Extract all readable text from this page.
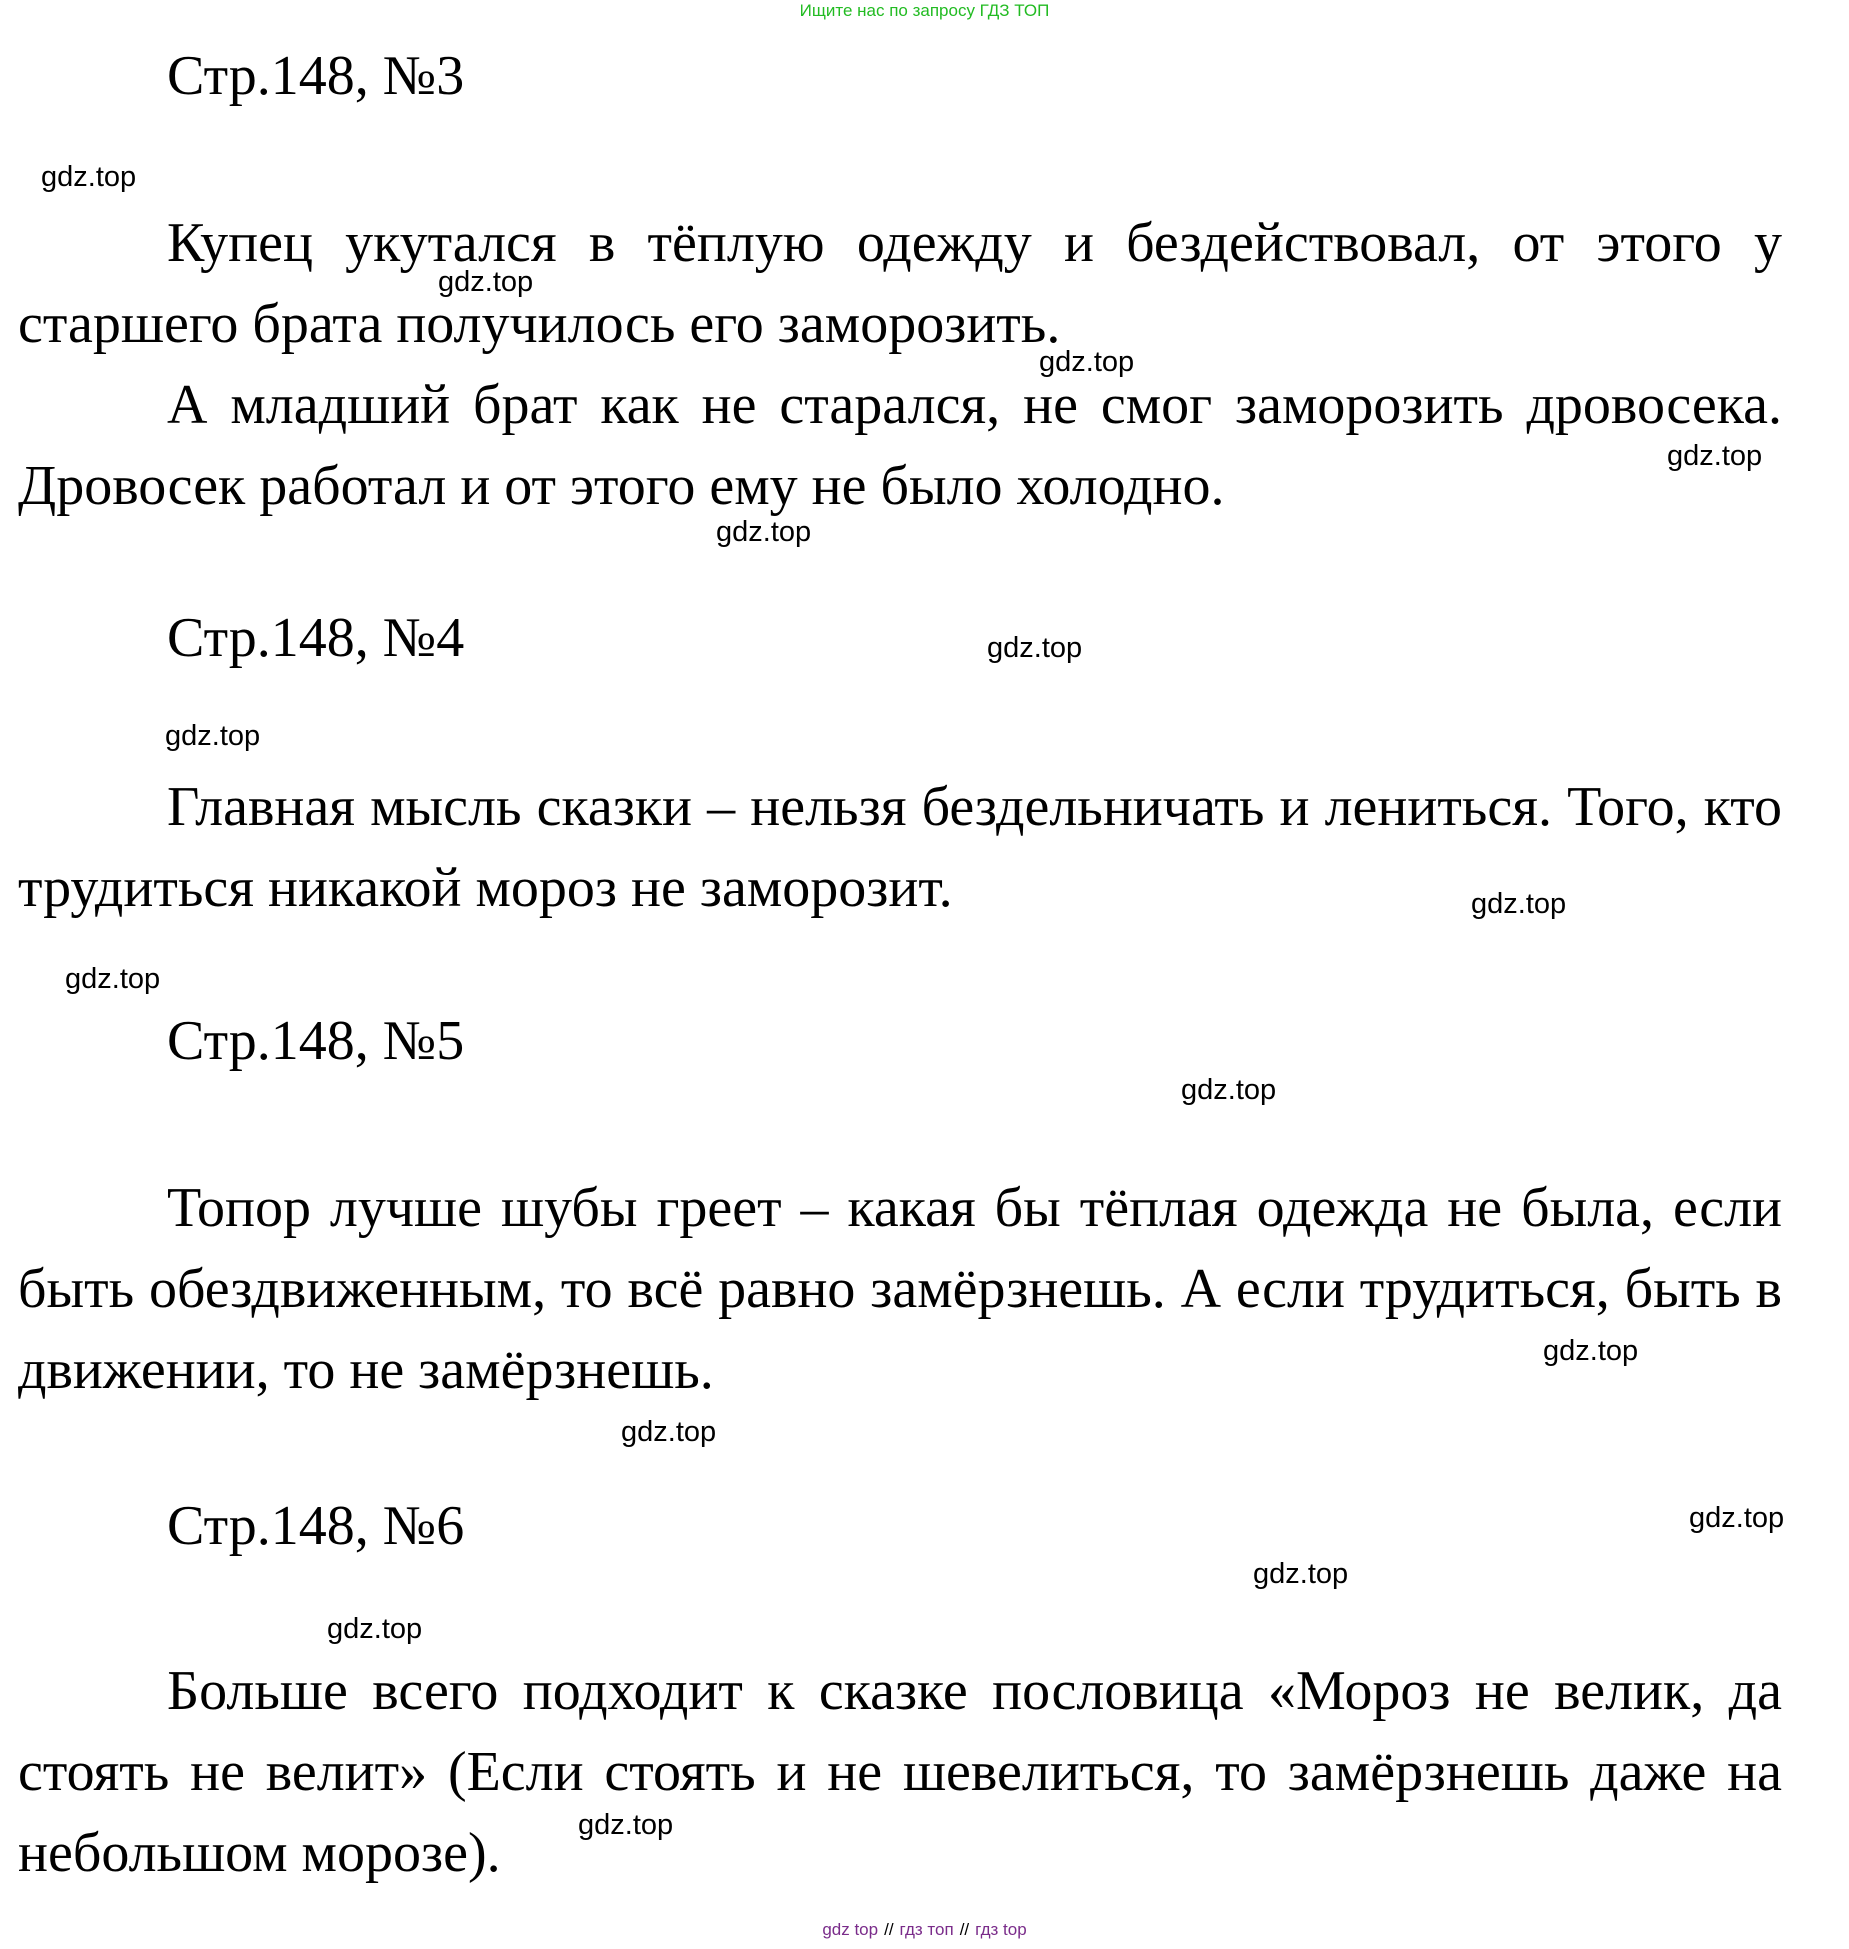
Ищите нас по запросу ГДЗ ТОП
Стр.148, №3

Купец укутался в тёплую одежду и бездействовал, от этого у старшего брата получилось его заморозить.

А младший брат как не старался, не смог заморозить дровосека. Дровосек работал и от этого ему не было холодно.

Стр.148, №4

Главная мысль сказки – нельзя бездельничать и лениться. Того, кто трудиться никакой мороз не заморозит.

Стр.148, №5

Топор лучше шубы греет – какая бы тёплая одежда не была, если быть обездвиженным, то всё равно замёрзнешь. А если трудиться, быть в движении, то не замёрзнешь.

Стр.148, №6

Больше всего подходит к сказке пословица «Мороз не велик, да стоять не велит» (Если стоять и не шевелиться, то замёрзнешь даже на небольшом морозе).

gdz.top
gdz.top
gdz.top
gdz.top
gdz.top
gdz.top
gdz.top
gdz.top
gdz.top
gdz.top
gdz.top
gdz.top
gdz.top
gdz.top
gdz.top
gdz.top
gdz top // гдз топ // гдз top
